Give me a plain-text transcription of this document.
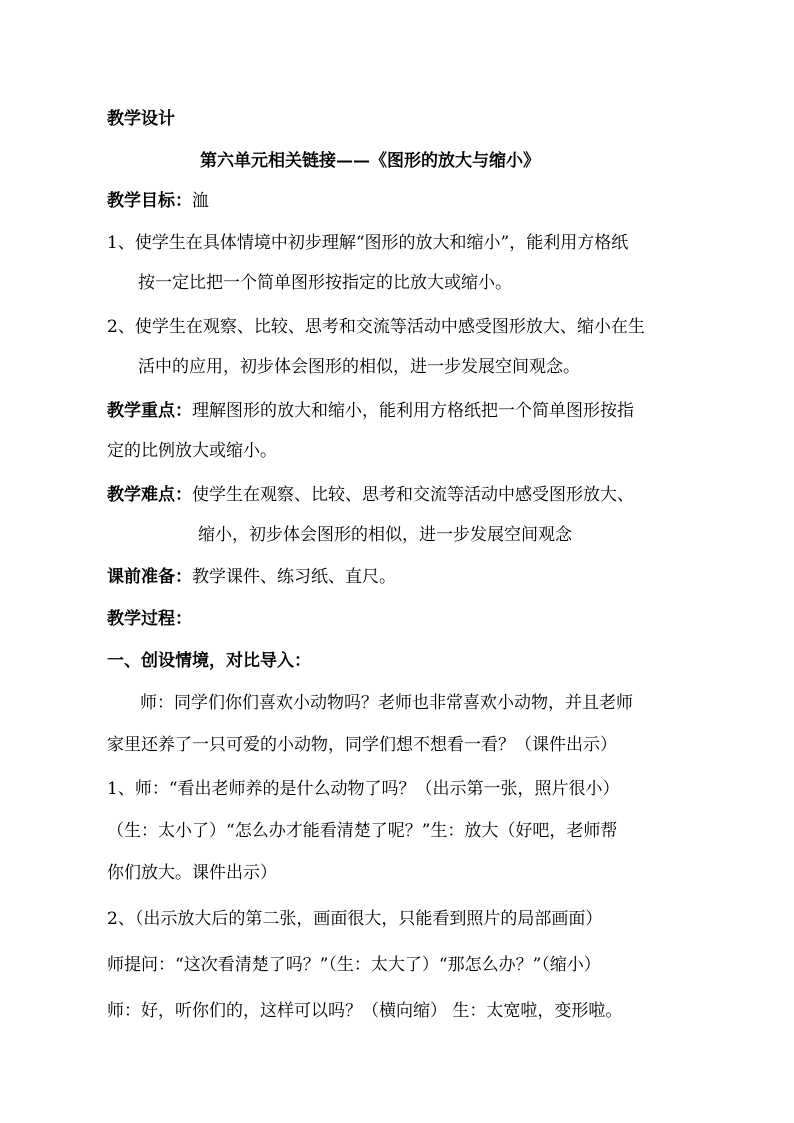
教学设计
第六单元相关链接——《图形的放大与缩小》
教学目标：洫
1、使学生在具体情境中初步理解“图形的放大和缩小”，能利用方格纸
按一定比把一个简单图形按指定的比放大或缩小。
2、使学生在观察、比较、思考和交流等活动中感受图形放大、缩小在生
活中的应用，初步体会图形的相似，进一步发展空间观念。
教学重点：理解图形的放大和缩小，能利用方格纸把一个简单图形按指
定的比例放大或缩小。
教学难点：使学生在观察、比较、思考和交流等活动中感受图形放大、
缩小，初步体会图形的相似，进一步发展空间观念
课前准备：教学课件、练习纸、直尺。
教学过程：
一、创设情境，对比导入：
师：同学们你们喜欢小动物吗？老师也非常喜欢小动物，并且老师
家里还养了一只可爱的小动物，同学们想不想看一看？（课件出示）
1、师：“看出老师养的是什么动物了吗？（出示第一张，照片很小）
（生：太小了）“怎么办才能看清楚了呢？”生：放大（好吧，老师帮
你们放大。课件出示）
2、（出示放大后的第二张，画面很大，只能看到照片的局部画面）
师提问：“这次看清楚了吗？”（生：太大了）“那怎么办？”（缩小）
师：好，听你们的，这样可以吗？（横向缩） 生：太宽啦，变形啦。
